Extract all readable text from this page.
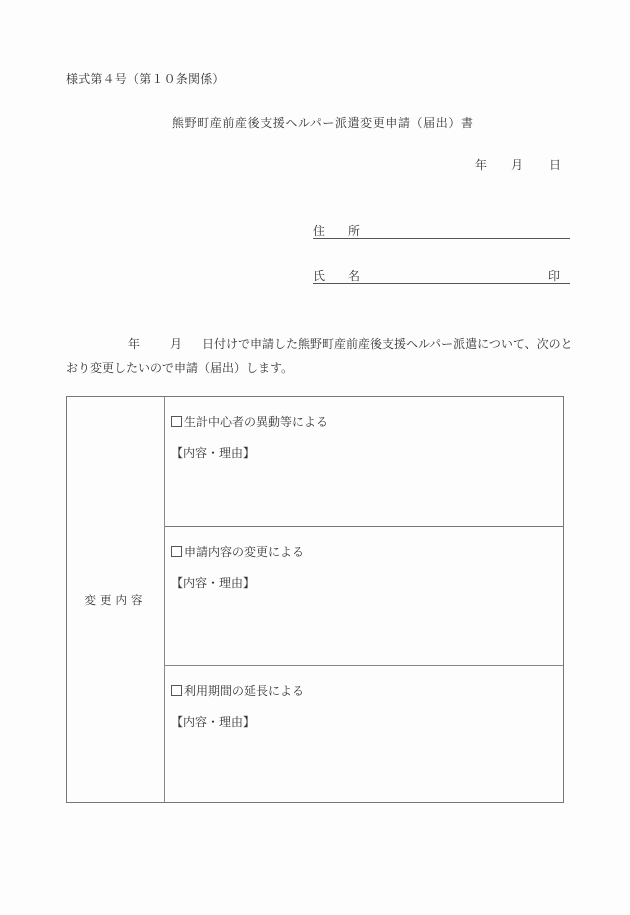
様式第４号（第１０条関係）
熊野町産前産後支援ヘルパー派遣変更申請（届出）書
年 月 日
住 所
氏 名	印
年 月 日付けで申請した熊野町産前産後支援ヘルパー派遣について、次のとおり変更したいので申請（届出）します。
変更内容
生計中心者の異動等による
【内容・理由】
申請内容の変更による
【内容・理由】
利用期間の延長による
【内容・理由】
